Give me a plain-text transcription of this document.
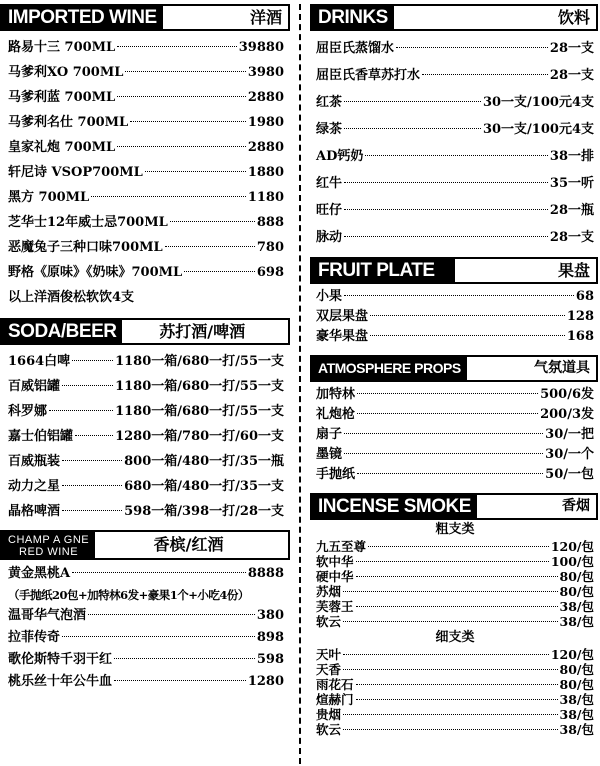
IMPORTED WINE	洋酒
路易十三 700ML	39880
马爹利XO 700ML	3980
马爹利蓝 700ML	2880
马爹利名仕 700ML	1980
皇家礼炮 700ML	2880
轩尼诗 VSOP700ML	1880
黑方 700ML	1180
芝华士12年威士忌700ML	888
恶魔兔子三种口味700ML	780
野格《原味》《奶味》700ML	698
以上洋酒俊松软饮4支
SODA/BEER	苏打酒/啤酒
1664白啤	1180一箱/680一打/55一支
百威铝罐	1180一箱/680一打/55一支
科罗娜	1180一箱/680一打/55一支
嘉士伯铝罐	1280一箱/780一打/60一支
百威瓶装	800一箱/480一打/35一瓶
动力之星	680一箱/480一打/35一支
晶格啤酒	598一箱/398一打/28一支
CHAMP A GNE
RED WINE	香槟/红酒
黄金黑桃A	8888
（手抛纸20包+加特林6发+豪果1个+小吃4份）
温哥华气泡酒	380
拉菲传奇	898
歌伦斯特千羽干红	598
桃乐丝十年公牛血	1280
DRINKS	饮料
屈臣氏蒸馏水	28一支
屈臣氏香草苏打水	28一支
红茶	30一支/100元4支
绿茶	30一支/100元4支
AD钙奶	38一排
红牛	35一听
旺仔	28一瓶
脉动	28一支
FRUIT PLATE	果盘
小果	68
双层果盘	128
豪华果盘	168
ATMOSPHERE PROPS	气氛道具
加特林	500/6发
礼炮枪	200/3发
扇子	30/一把
墨镜	30/一个
手抛纸	50/一包
INCENSE SMOKE	香烟
粗支类
九五至尊	120/包
软中华	100/包
硬中华	80/包
苏烟	80/包
芙蓉王	38/包
软云	38/包
细支类
天叶	120/包
天香	80/包
雨花石	80/包
煊赫门	38/包
贵烟	38/包
软云	38/包
